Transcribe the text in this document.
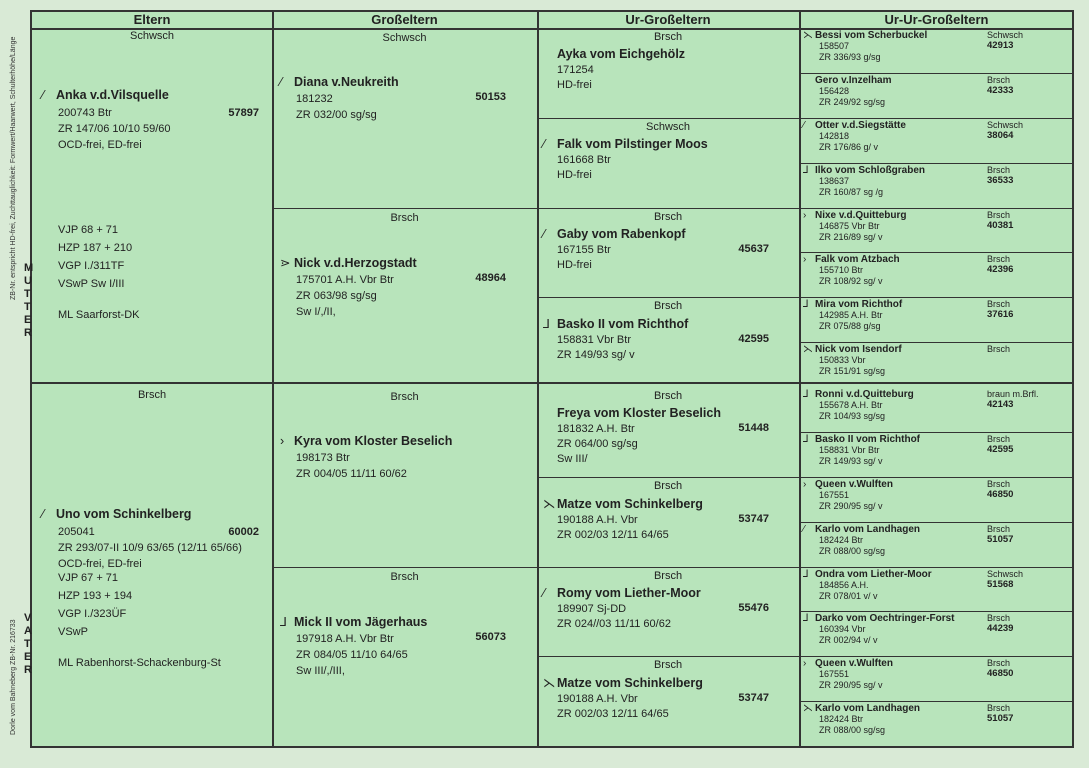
ZB-Nr. entspricht HD-frei, Zuchttauglichkeit: Formwert/Haarwert, Schulterhöhe/Länge
Dorle vom Bahneberg ZB-Nr. 216733
Eltern	Großeltern	Ur-Großeltern	Ur-Ur-Großeltern
Schwsch
⁄ Anka v.d.Vilsquelle
200743 Btr
ZR 147/06 10/10 59/60
OCD-frei, ED-frei
57897
VJP 68 + 71
HZP 187 + 210
VGP I./311TF
VSwP Sw I/III
ML Saarforst-DK
Brsch
⁄ Uno vom Schinkelberg
205041
ZR 293/07-II 10/9 63/65 (12/11 65/66)
OCD-frei, ED-frei
60002
VJP 67 + 71
HZP 193 + 194
VGP I./323ÜF
VSwP
ML Rabenhorst-Schackenburg-St
Schwsch
⁄ Diana v.Neukreith
181232
ZR 032/00 sg/sg
50153
Brsch
⋗ Nick v.d.Herzogstadt
175701 A.H. Vbr Btr
ZR 063/98 sg/sg
Sw I/,/II,
48964
Brsch
› Kyra vom Kloster Beselich
198173 Btr
ZR 004/05 11/11 60/62
Brsch
⅃ Mick II vom Jägerhaus
197918 A.H. Vbr Btr
ZR 084/05 11/10 64/65
Sw III/,/III,
56073
Brsch
Ayka vom Eichgehölz
171254
HD-frei
Schwsch
⁄ Falk vom Pilstinger Moos
161668 Btr
HD-frei
Brsch
⁄ Gaby vom Rabenkopf
167155 Btr
HD-frei
45637
Brsch
⅃ Basko II vom Richthof
158831 Vbr Btr
ZR 149/93 sg/ v
42595
Brsch
Freya vom Kloster Beselich
181832 A.H. Btr
ZR 064/00 sg/sg
Sw III/
51448
Brsch
⋋ Matze vom Schinkelberg
190188 A.H. Vbr
ZR 002/03 12/11 64/65
53747
Brsch
⁄ Romy vom Liether-Moor
189907 Sj-DD
ZR 024//03 11/11 60/62
55476
Brsch
⋋ Matze vom Schinkelberg
190188 A.H. Vbr
ZR 002/03 12/11 64/65
53747
⋋ Bessi vom Scherbuckel
158507
ZR 336/93 g/sg
Schwsch
42913
Gero v.Inzelham
156428
ZR 249/92 sg/sg
Brsch
42333
⁄ Otter v.d.Siegstätte
142818
ZR 176/86 g/ v
Schwsch
38064
⅃ Ilko vom Schloßgraben
138637
ZR 160/87 sg /g
Brsch
36533
› Nixe v.d.Quitteburg
146875 Vbr Btr
ZR 216/89 sg/ v
Brsch
40381
› Falk vom Atzbach
155710 Btr
ZR 108/92 sg/ v
Brsch
42396
⅃ Mira vom Richthof
142985 A.H. Btr
ZR 075/88 g/sg
Brsch
37616
⋋ Nick vom Isendorf
150833 Vbr
ZR 151/91 sg/sg
Brsch
⅃ Ronni v.d.Quitteburg
155678 A.H. Btr
ZR 104/93 sg/sg
braun m.Brfl.
42143
⅃ Basko II vom Richthof
158831 Vbr Btr
ZR 149/93 sg/ v
Brsch
42595
› Queen v.Wulften
167551
ZR 290/95 sg/ v
Brsch
46850
⁄ Karlo vom Landhagen
182424 Btr
ZR 088/00 sg/sg
Brsch
51057
⅃ Ondra vom Liether-Moor
184856 A.H.
ZR 078/01 v/ v
Schwsch
51568
⅃ Darko vom Oechtringer-Forst
160394 Vbr
ZR 002/94 v/ v
Brsch
44239
› Queen v.Wulften
167551
ZR 290/95 sg/ v
Brsch
46850
⋋ Karlo vom Landhagen
182424 Btr
ZR 088/00 sg/sg
Brsch
51057
M
U
T
T
E
R
V
A
T
E
R
